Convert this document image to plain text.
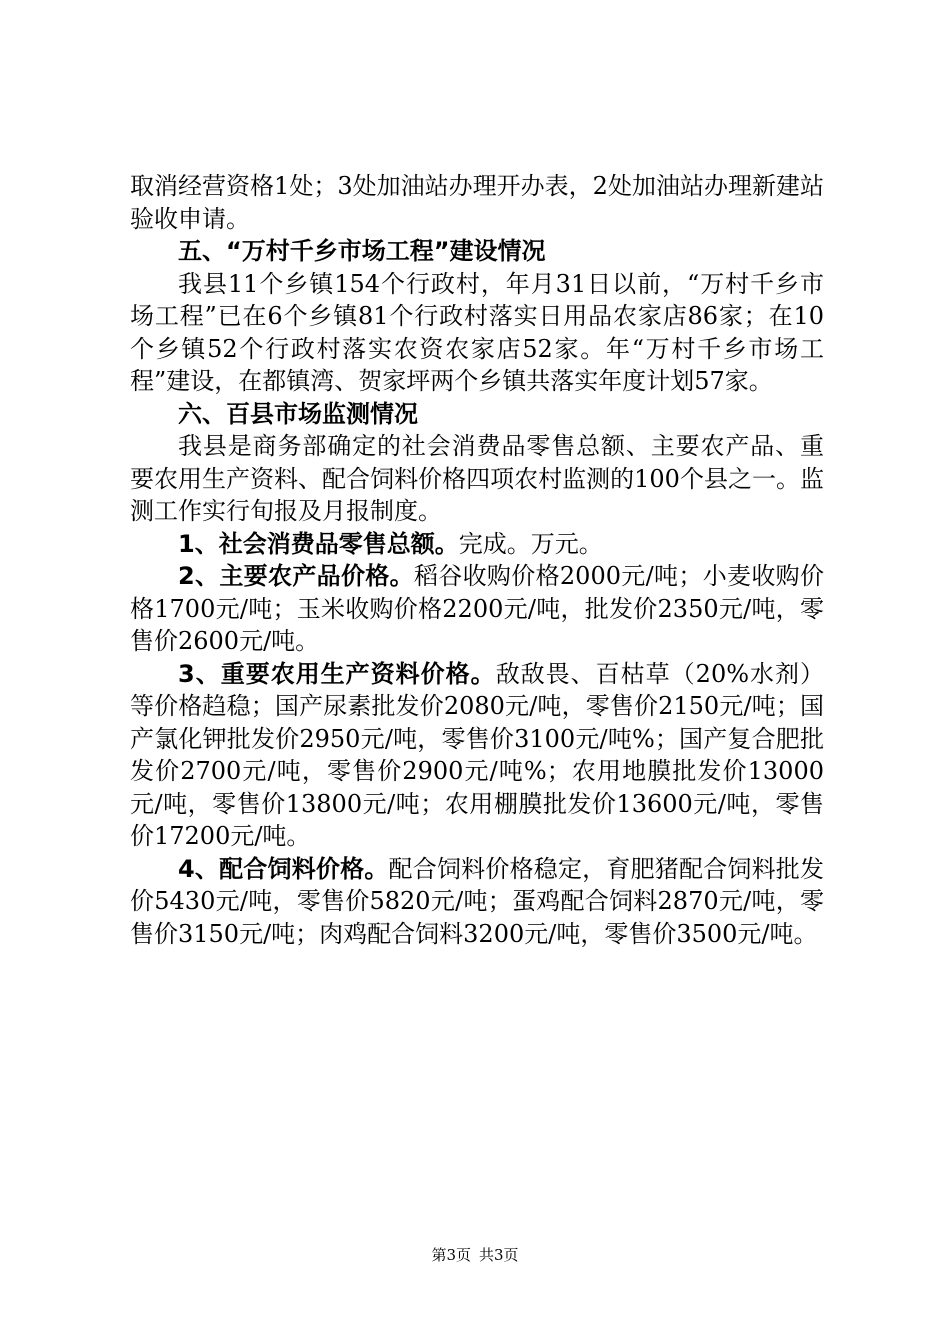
取消经营资格1处；3处加油站办理开办表，2处加油站办理新建站验收申请。

五、“万村千乡市场工程”建设情况

我县11个乡镇154个行政村，年月31日以前，“万村千乡市场工程”已在6个乡镇81个行政村落实日用品农家店86家；在10个乡镇52个行政村落实农资农家店52家。年“万村千乡市场工程”建设，在都镇湾、贺家坪两个乡镇共落实年度计划57家。

六、百县市场监测情况

我县是商务部确定的社会消费品零售总额、主要农产品、重要农用生产资料、配合饲料价格四项农村监测的100个县之一。监测工作实行旬报及月报制度。

1、社会消费品零售总额。完成。万元。

2、主要农产品价格。稻谷收购价格2000元/吨；小麦收购价格1700元/吨；玉米收购价格2200元/吨，批发价2350元/吨，零售价2600元/吨。

3、重要农用生产资料价格。敌敌畏、百枯草（20%水剂）等价格趋稳；国产尿素批发价2080元/吨，零售价2150元/吨；国产氯化钾批发价2950元/吨，零售价3100元/吨%；国产复合肥批发价2700元/吨，零售价2900元/吨%；农用地膜批发价13000元/吨，零售价13800元/吨；农用棚膜批发价13600元/吨，零售价17200元/吨。

4、配合饲料价格。配合饲料价格稳定，育肥猪配合饲料批发价5430元/吨，零售价5820元/吨；蛋鸡配合饲料2870元/吨，零售价3150元/吨；肉鸡配合饲料3200元/吨，零售价3500元/吨。

第3页 共3页
